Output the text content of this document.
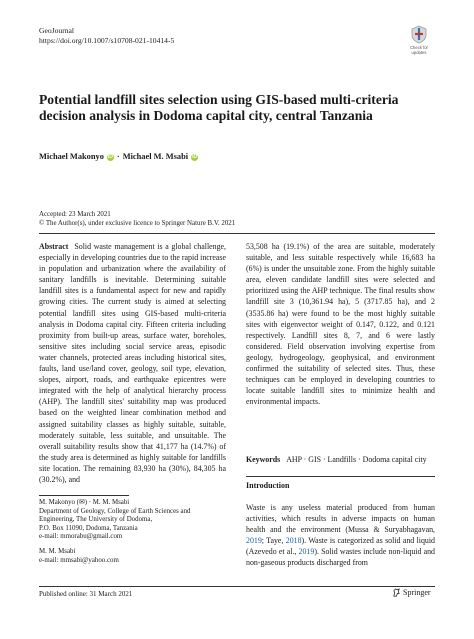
GeoJournal
https://doi.org/10.1007/s10708-021-10414-5
Check for
updates
Potential landfill sites selection using GIS-based multi-criteria decision analysis in Dodoma capital city, central Tanzania
Michael Makonyo iD · Michael M. Msabi iD
Accepted: 23 March 2021
© The Author(s), under exclusive licence to Springer Nature B.V. 2021

Abstract Solid waste management is a global challenge, especially in developing countries due to the rapid increase in population and urbanization where the availability of sanitary landfills is inevitable. Determining suitable landfill sites is a fundamental aspect for new and rapidly growing cities. The current study is aimed at selecting potential landfill sites using GIS-based multi-criteria analysis in Dodoma capital city. Fifteen criteria including proximity from built-up areas, surface water, boreholes, sensitive sites including social service areas, episodic water channels, protected areas including historical sites, faults, land use/land cover, geology, soil type, elevation, slopes, airport, roads, and earthquake epicentres were integrated with the help of analytical hierarchy process (AHP). The landfill sites' suitability map was produced based on the weighted linear combination method and assigned suitability classes as highly suitable, suitable, moderately suitable, less suitable, and unsuitable. The overall suitability results show that 41,177 ha (14.7%) of the study area is determined as highly suitable for landfills site location. The remaining 83,930 ha (30%), 84,305 ha (30.2%), and

53,508 ha (19.1%) of the area are suitable, moderately suitable, and less suitable respectively while 16,683 ha (6%) is under the unsuitable zone. From the highly suitable area, eleven candidate landfill sites were selected and prioritized using the AHP technique. The final results show landfill site 3 (10,361.94 ha), 5 (3717.85 ha), and 2 (3535.86 ha) were found to be the most highly suitable sites with eigenvector weight of 0.147, 0.122, and 0.121 respectively. Landfill sites 8, 7, and 6 were lastly considered. Field observation involving expertise from geology, hydrogeology, geophysical, and environment confirmed the suitability of selected sites. Thus, these techniques can be employed in developing countries to locate suitable landfill sites to minimize health and environmental impacts.

Keywords AHP · GIS · Landfills · Dodoma capital city
Introduction

Waste is any useless material produced from human activities, which results in adverse impacts on human health and the environment (Mussa & Suryabhagavan, 2019; Taye, 2018). Waste is categorized as solid and liquid (Azevedo et al., 2019). Solid wastes include non-liquid and non-gaseous products discharged from

M. Makonyo (✉) · M. M. Msabi

Department of Geology, College of Earth Sciences and

Engineering, The University of Dodoma,

P.O. Box 11090, Dodoma, Tanzania

e-mail: mmorabu@gmail.com

M. M. Msabi

e-mail: mmsabi@yahoo.com

Published online: 31 March 2021	Springer
